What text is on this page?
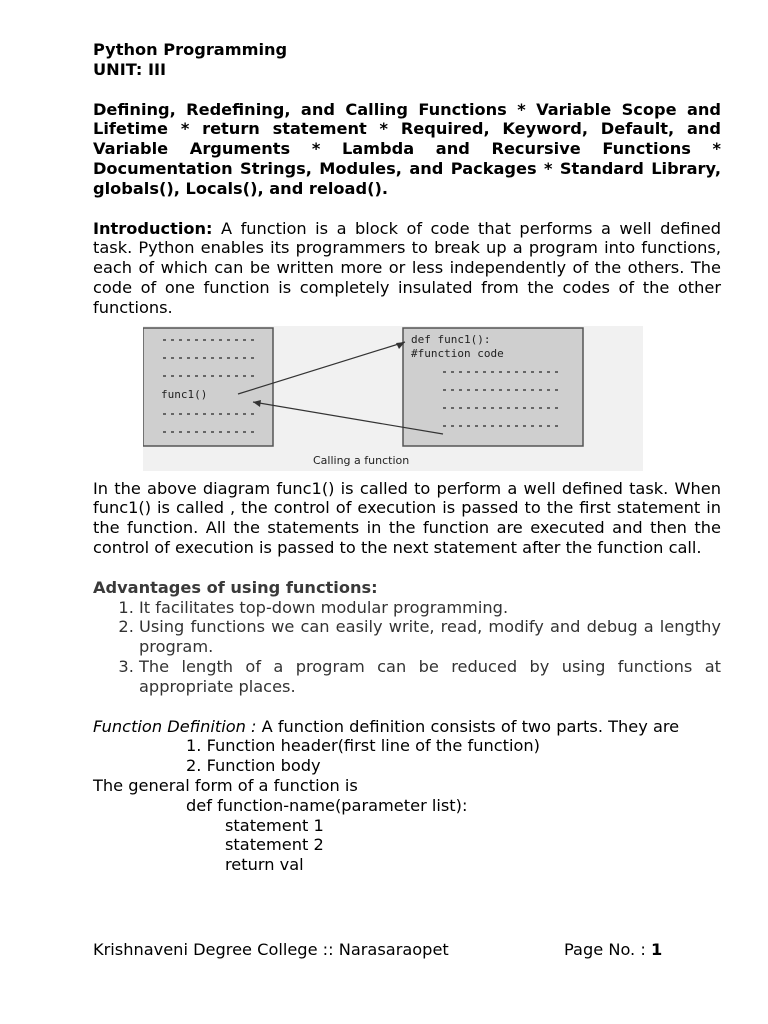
Python Programming
UNIT: III
Defining, Redefining, and Calling Functions * Variable Scope and Lifetime * return statement * Required, Keyword, Default, and Variable Arguments * Lambda and Recursive Functions * Documentation Strings, Modules, and Packages * Standard Library, globals(), Locals(), and reload().
Introduction: A function is a block of code that performs a well defined task. Python enables its programmers to break up a program into functions, each of which can be written more or less independently of the others. The code of one function is completely insulated from the codes of the other functions.
func1()
def func1():
#function code
Calling a function
In the above diagram func1() is called to perform a well defined task. When func1() is called , the control of execution is passed to the first statement in the function. All the statements in the function are executed and then the control of execution is passed to the next statement after the function call.
Advantages of using functions:
1. It facilitates top-down modular programming.
2. Using functions we can easily write, read, modify and debug a lengthy program.
3. The length of a program can be reduced by using functions at appropriate places.
Function Definition : A function definition consists of two parts. They are
1. Function header(first line of the function)
2. Function body
The general form of a function is
def function-name(parameter list):
statement 1
statement 2
return val
Krishnaveni Degree College :: Narasaraopet	Page No. : 1
